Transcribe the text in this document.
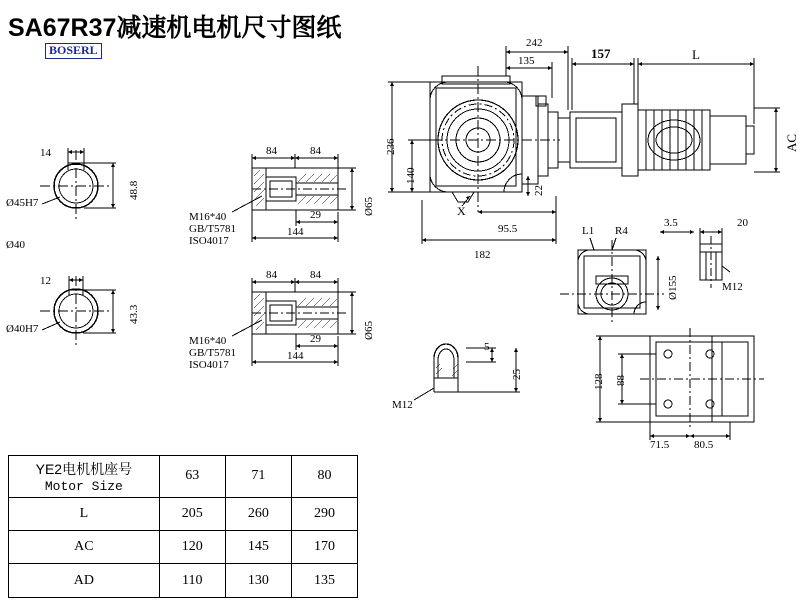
SA67R37减速机电机尺寸图纸
BOSERL
14
Ø45H7
Ø40
48.8
12
Ø40H7
43.3
84	84
29
144
Ø65
M16*40
GB/T5781
ISO4017
84	84
29
144
Ø65
M16*40
GB/T5781
ISO4017
242
135	157	L
AC
236
140
22
95.5
182
X
L1 R4
3.5	20
Ø155	M12
5
25
M12
128 88
71.5 80.5
YE2电机机座号
Motor Size	63	71	80
L	205	260	290
AC	120	145	170
AD	110	130	135
